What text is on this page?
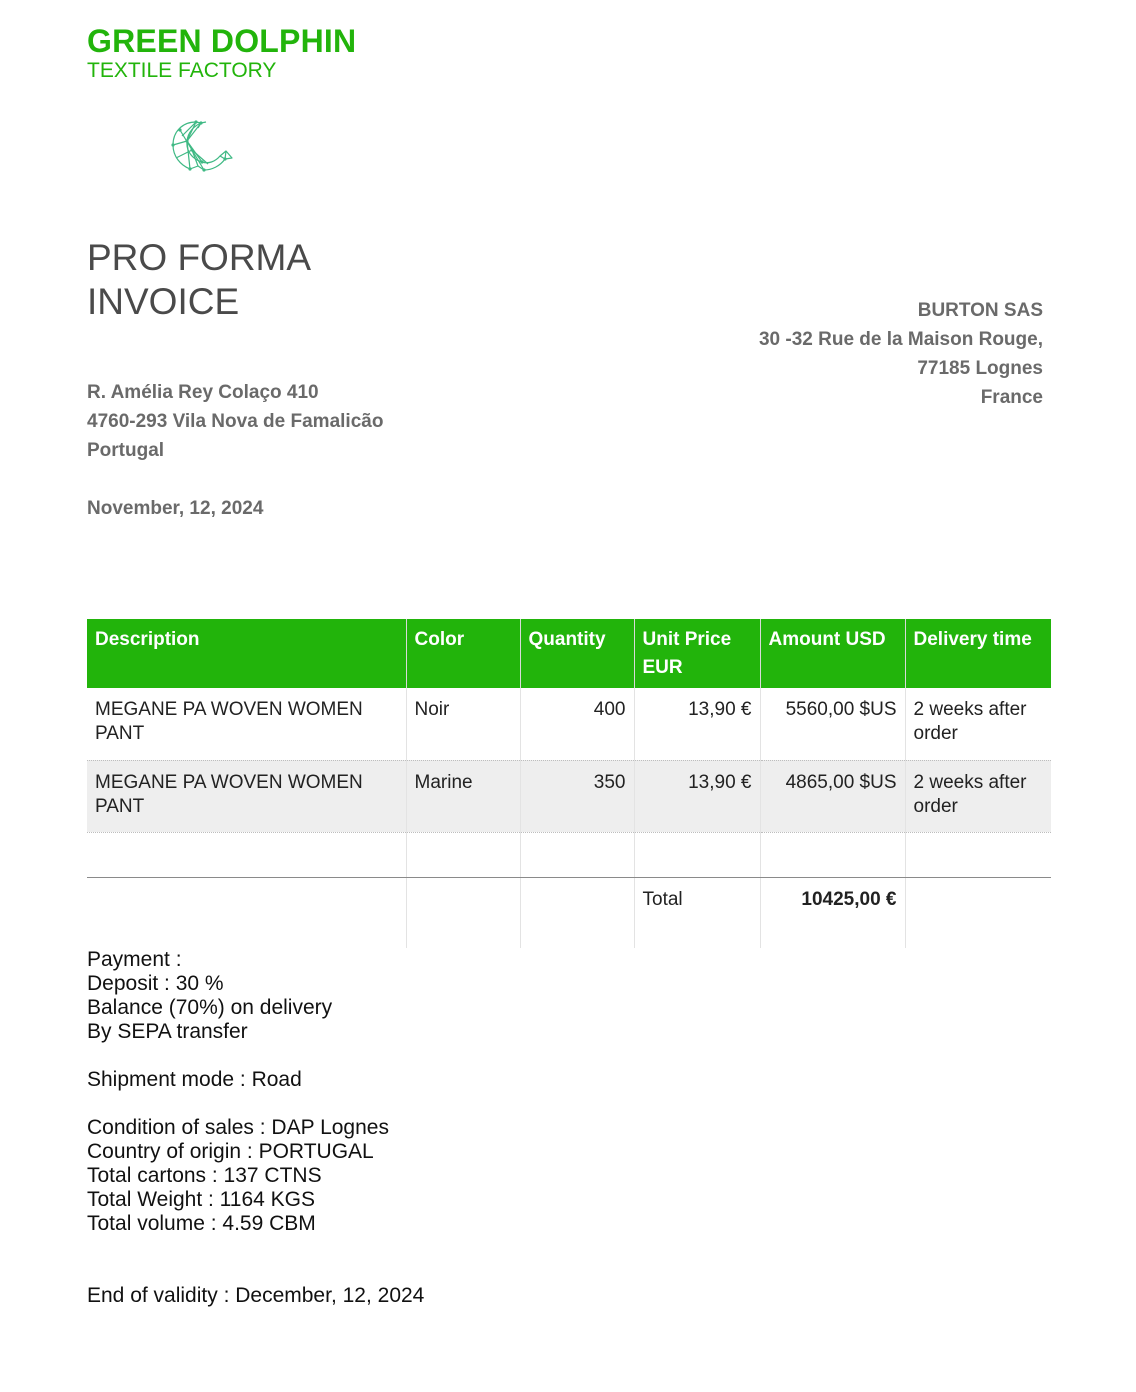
GREEN DOLPHIN
TEXTILE FACTORY
PRO FORMA
INVOICE	BURTON SAS
30 -32 Rue de la Maison Rouge,
77185 Lognes
France
R. Amélia Rey Colaço 410
4760-293 Vila Nova de Famalicão
Portugal
November, 12, 2024
Description	Color	Quantity	Unit Price EUR	Amount USD	Delivery time
MEGANE PA WOVEN WOMEN PANT	Noir	400	13,90 €	5560,00 $US	2 weeks after order
MEGANE PA WOVEN WOMEN PANT	Marine	350	13,90 €	4865,00 $US	2 weeks after order

			Total	10425,00 €	
Payment :
Deposit : 30 %
Balance (70%) on delivery
By SEPA transfer
Shipment mode : Road
Condition of sales : DAP Lognes
Country of origin : PORTUGAL
Total cartons : 137 CTNS
Total Weight : 1164 KGS
Total volume : 4.59 CBM
End of validity : December, 12, 2024
